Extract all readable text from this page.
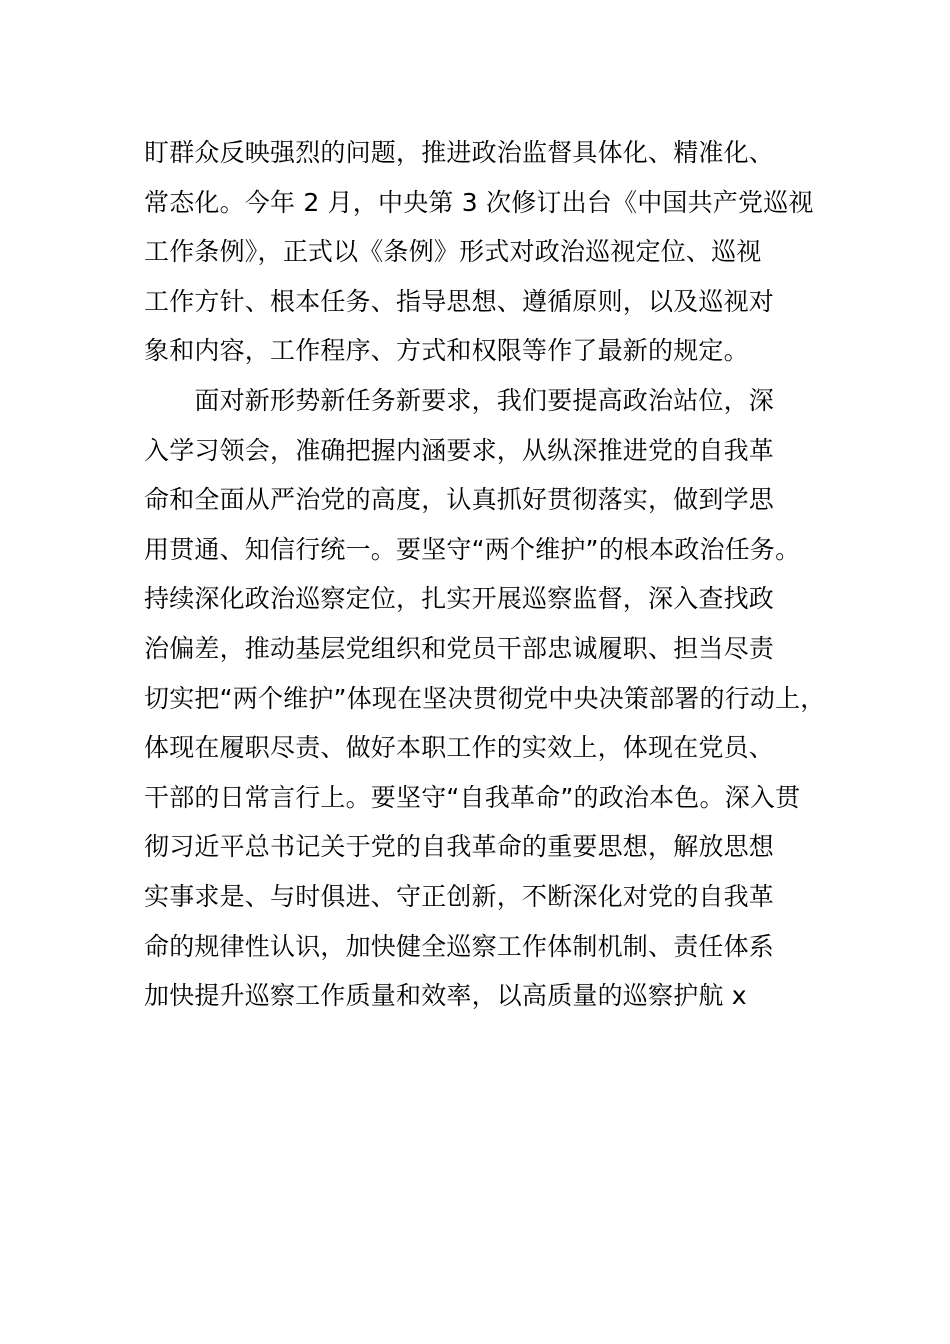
盯群众反映强烈的问题，推进政治监督具体化、精准化、
常态化。今年 2 月，中央第 3 次修订出台《中国共产党巡视
工作条例》，正式以《条例》形式对政治巡视定位、巡视
工作方针、根本任务、指导思想、遵循原则，以及巡视对
象和内容，工作程序、方式和权限等作了最新的规定。
　　面对新形势新任务新要求，我们要提高政治站位，深
入学习领会，准确把握内涵要求，从纵深推进党的自我革
命和全面从严治党的高度，认真抓好贯彻落实，做到学思
用贯通、知信行统一。要坚守“两个维护”的根本政治任务。
持续深化政治巡察定位，扎实开展巡察监督，深入查找政
治偏差，推动基层党组织和党员干部忠诚履职、担当尽责
切实把“两个维护”体现在坚决贯彻党中央决策部署的行动上，
体现在履职尽责、做好本职工作的实效上，体现在党员、
干部的日常言行上。要坚守“自我革命”的政治本色。深入贯
彻习近平总书记关于党的自我革命的重要思想，解放思想
实事求是、与时俱进、守正创新，不断深化对党的自我革
命的规律性认识，加快健全巡察工作体制机制、责任体系
加快提升巡察工作质量和效率，以高质量的巡察护航 x
